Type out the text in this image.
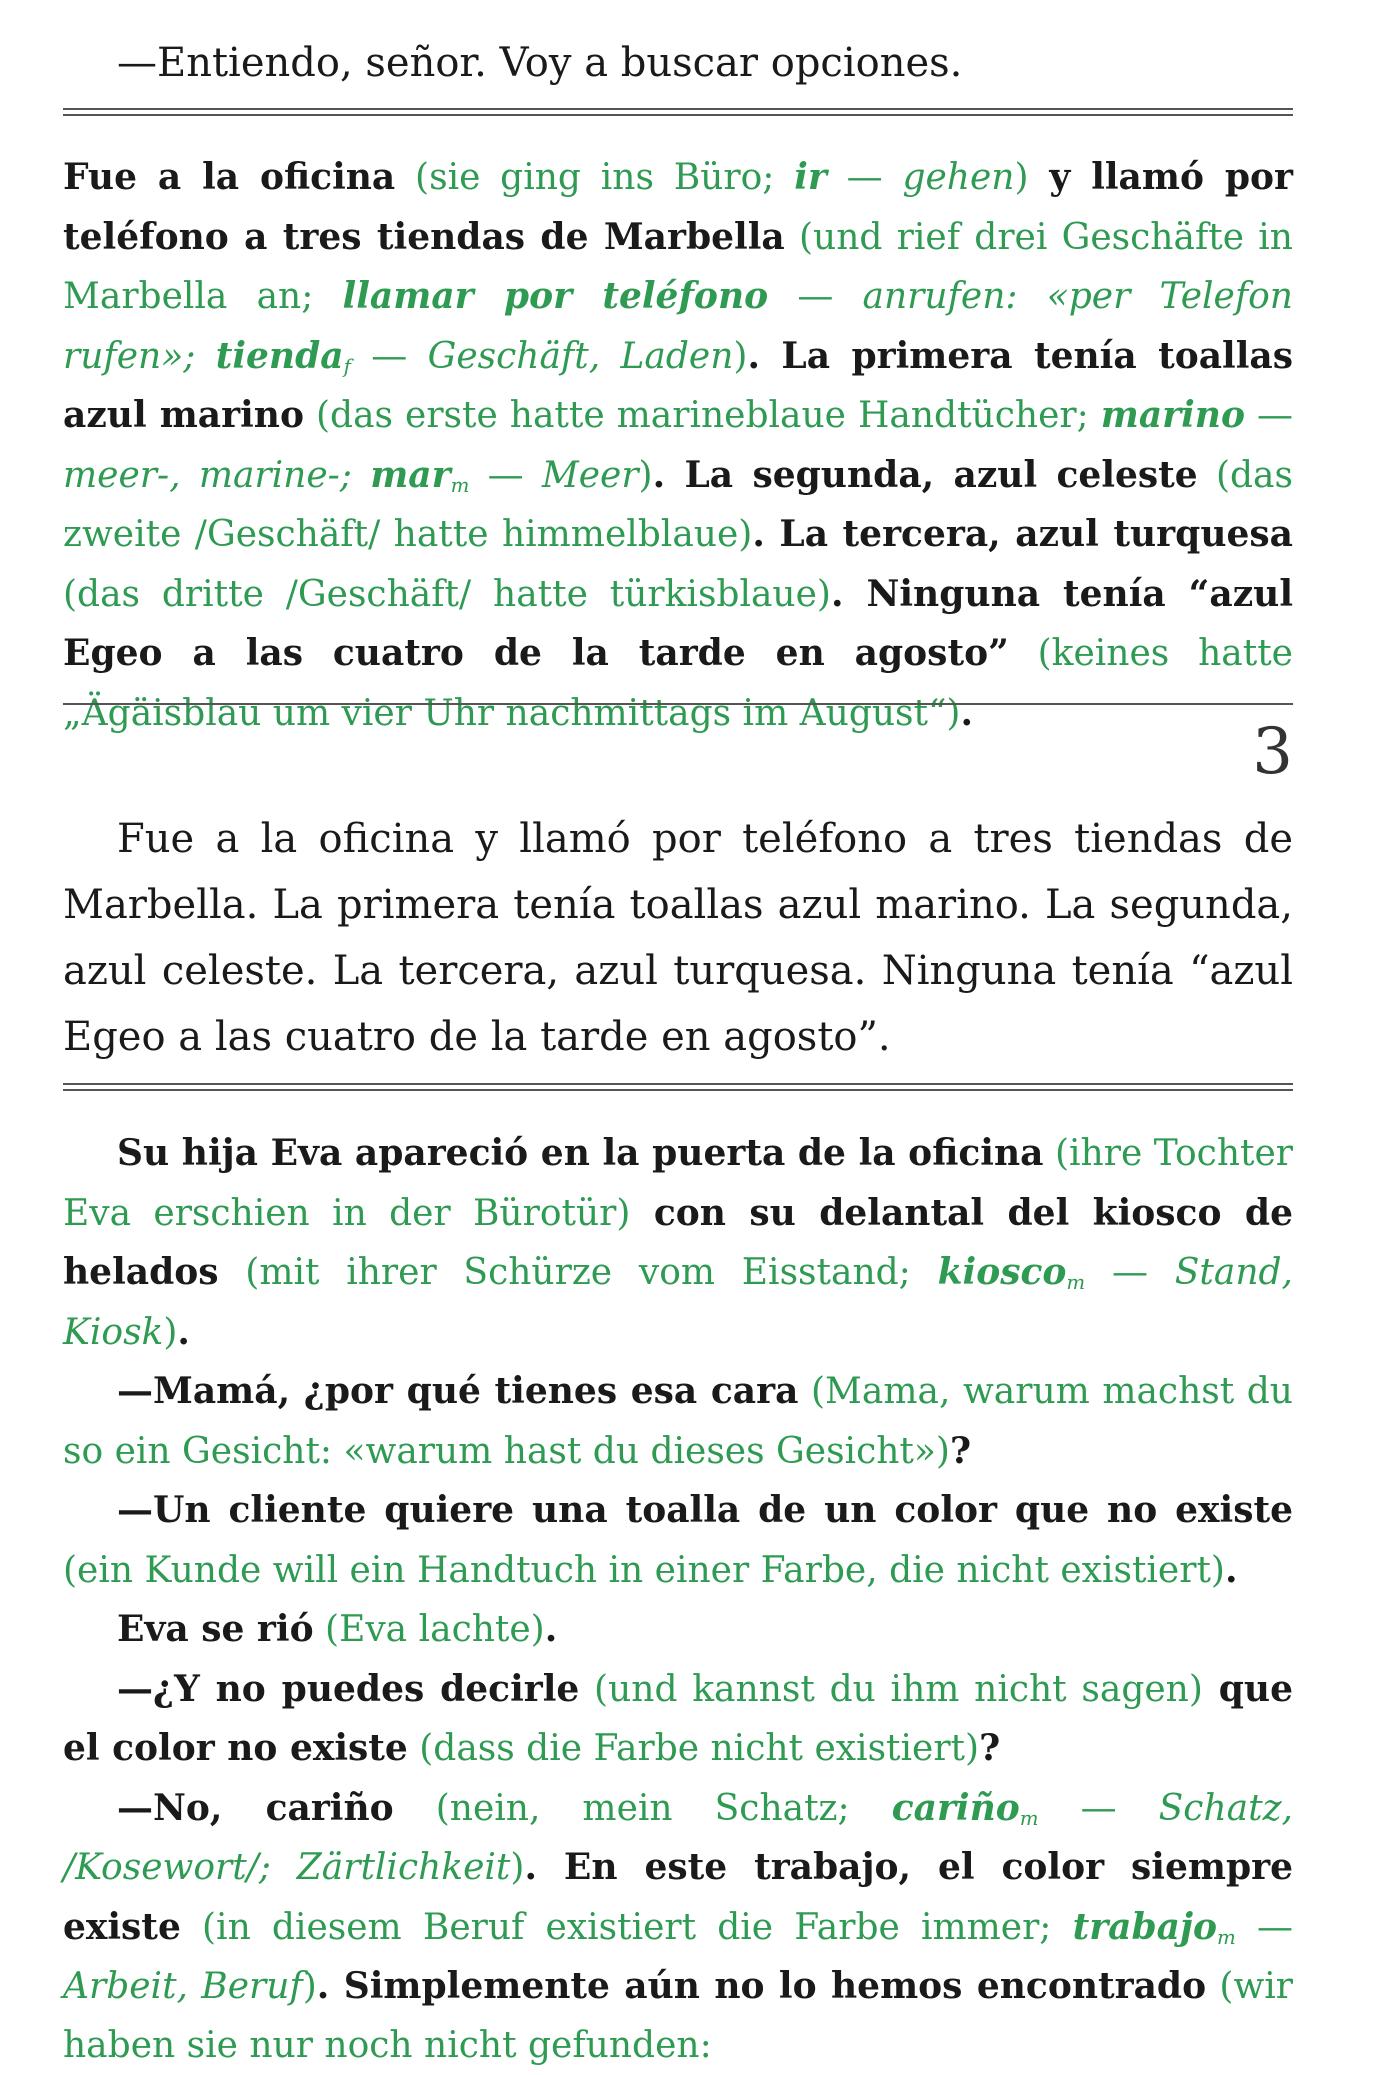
—Entiendo, señor. Voy a buscar opciones.

Fue a la oficina (sie ging ins Büro; ir — gehen) y llamó por teléfono a tres tiendas de Marbella (und rief drei Geschäfte in Marbella an; llamar por teléfono — anrufen: «per Telefon rufen»; tienda$_f$ — Geschäft, Laden). La primera tenía toallas azul marino (das erste hatte marineblaue Handtücher; marino — meer-, marine-; mar$_m$ — Meer). La segunda, azul celeste (das zweite /Geschäft/ hatte himmelblaue). La tercera, azul turquesa (das dritte /Geschäft/ hatte türkisblaue). Ninguna tenía “azul Egeo a las cuatro de la tarde en agosto” (keines hatte „Ägäisblau um vier Uhr nachmittags im August“).

3

Fue a la oficina y llamó por teléfono a tres tiendas de Marbella. La primera tenía toallas azul marino. La segunda, azul celeste. La tercera, azul turquesa. Ninguna tenía “azul Egeo a las cuatro de la tarde en agosto”.

Su hija Eva apareció en la puerta de la oficina (ihre Tochter Eva erschien in der Bürotür) con su delantal del kiosco de helados (mit ihrer Schürze vom Eisstand; kiosco$_m$ — Stand, Kiosk).

—Mamá, ¿por qué tienes esa cara (Mama, warum machst du so ein Gesicht: «warum hast du dieses Gesicht»)?

—Un cliente quiere una toalla de un color que no existe (ein Kunde will ein Handtuch in einer Farbe, die nicht existiert).

Eva se rió (Eva lachte).

—¿Y no puedes decirle (und kannst du ihm nicht sagen) que el color no existe (dass die Farbe nicht existiert)?

—No, cariño (nein, mein Schatz; cariño$_m$ — Schatz, /Kosewort/; Zärtlichkeit). En este trabajo, el color siempre existe (in diesem Beruf existiert die Farbe immer; trabajo$_m$ — Arbeit, Beruf). Simplemente aún no lo hemos encontrado (wir haben sie nur noch nicht gefunden:
